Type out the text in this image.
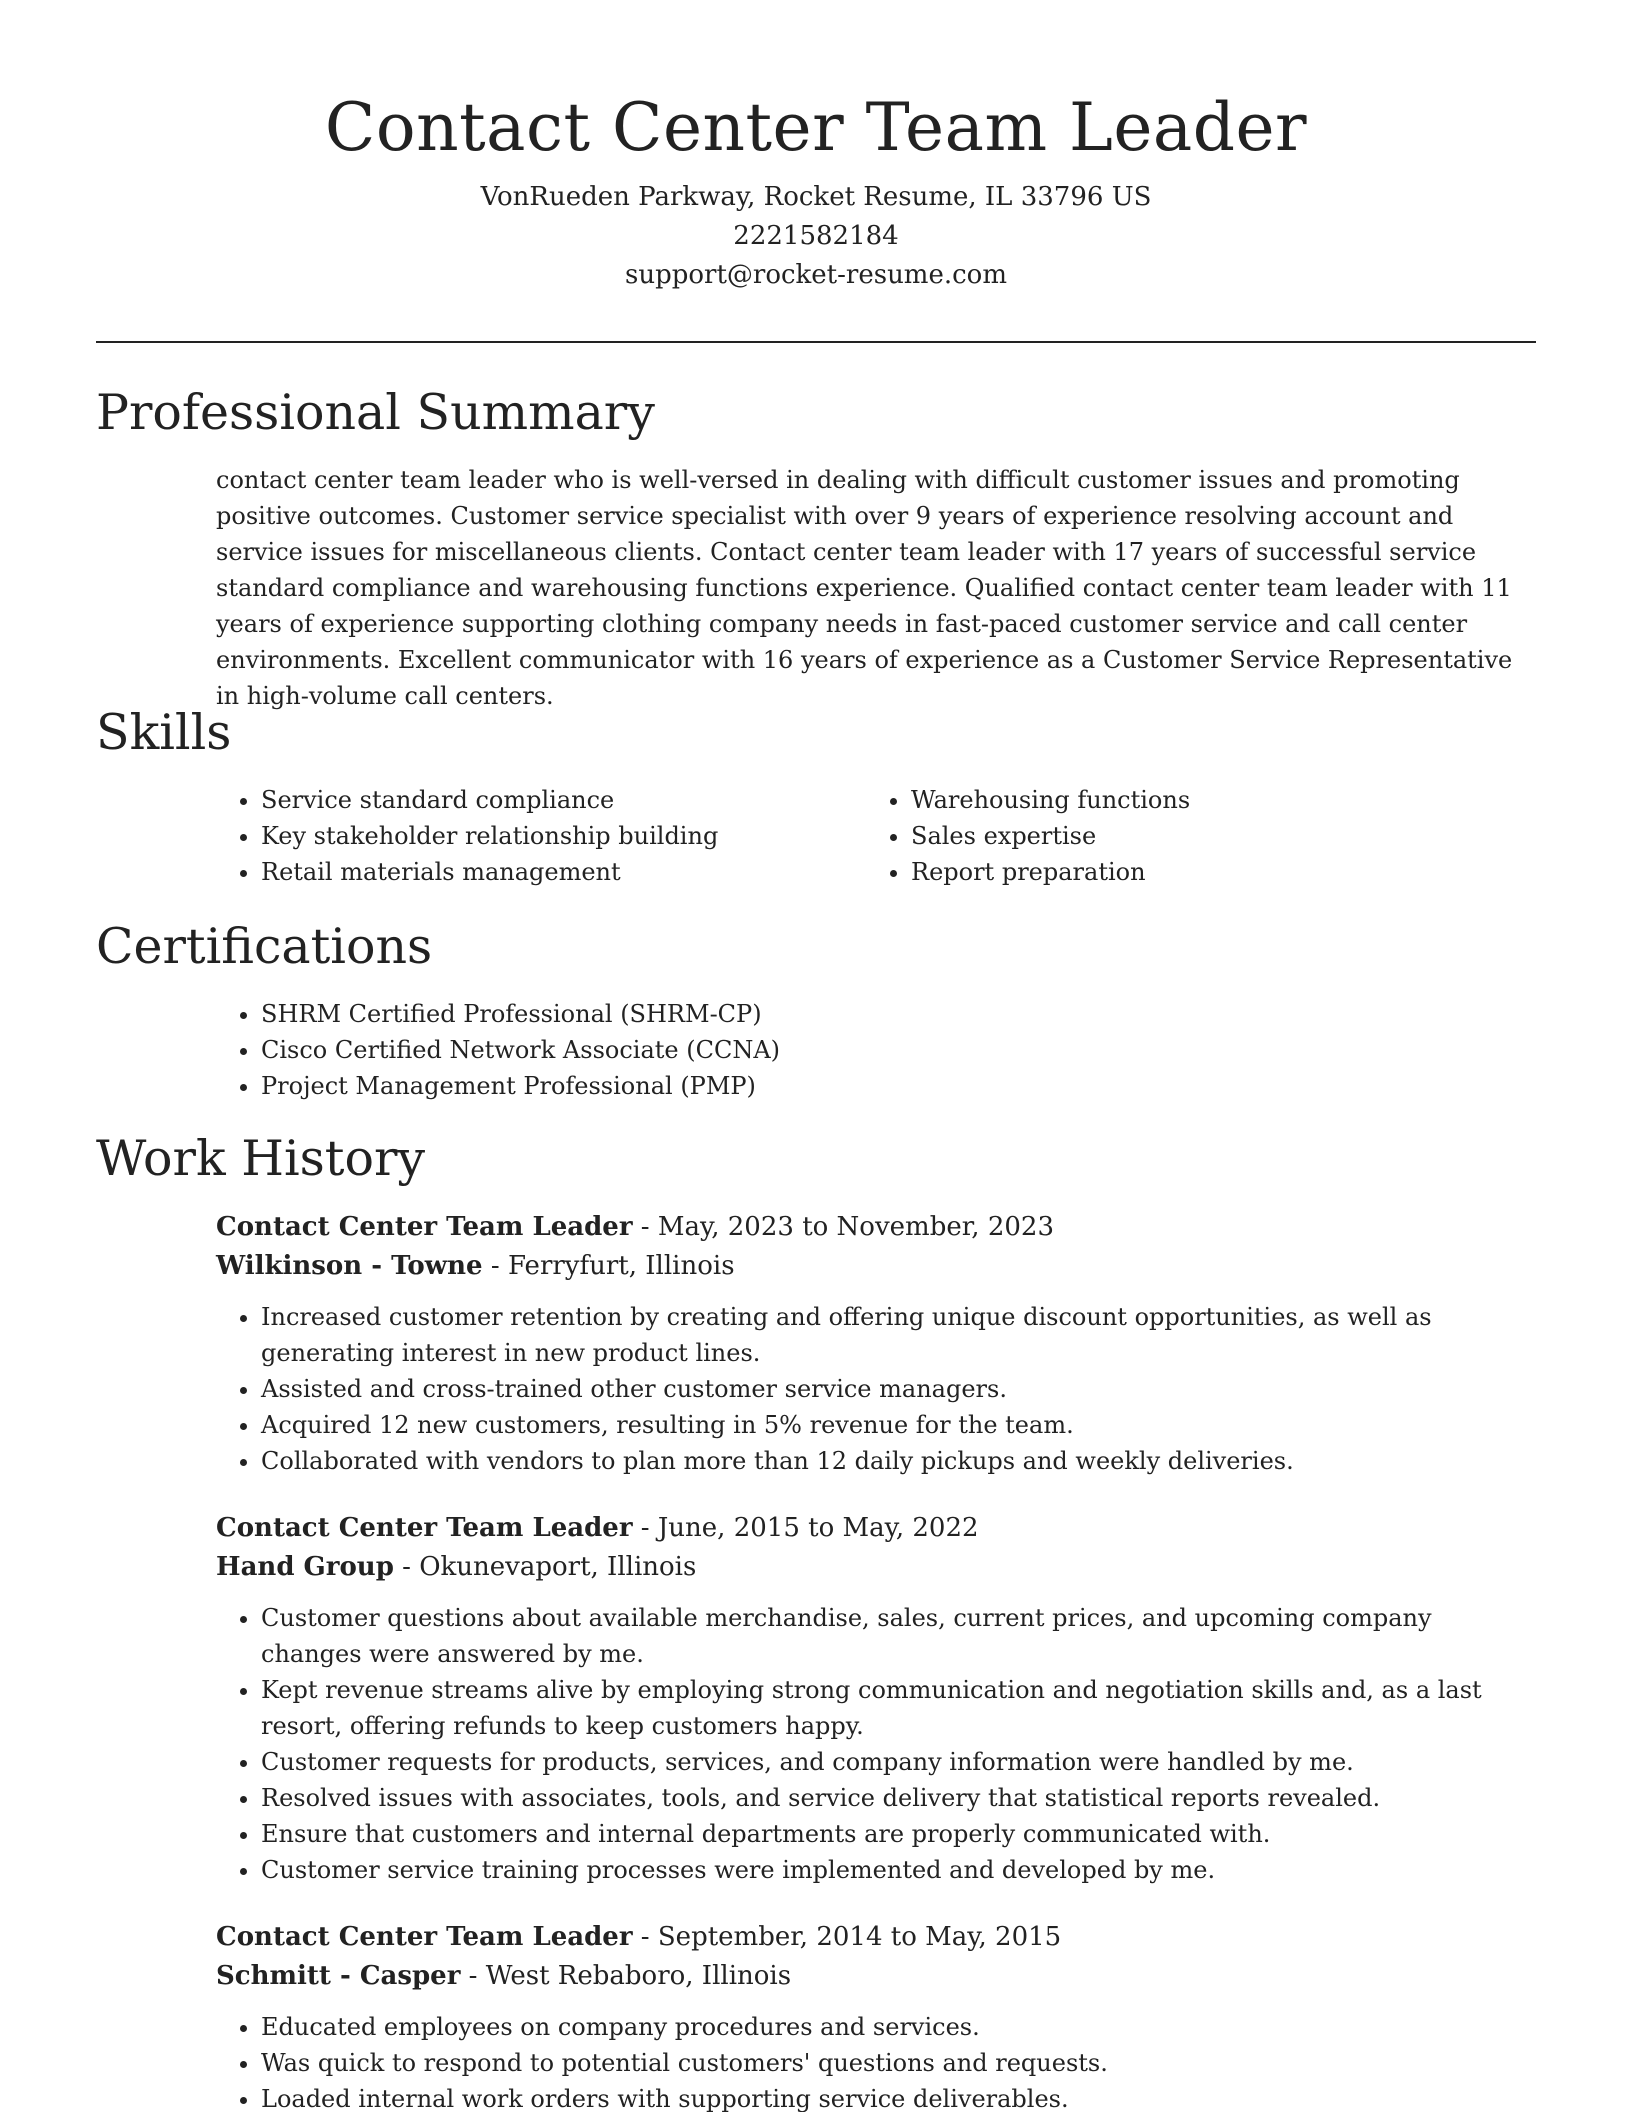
Contact Center Team Leader
VonRueden Parkway, Rocket Resume, IL 33796 US
2221582184
support@rocket-resume.com
Professional Summary

contact center team leader who is well-versed in dealing with difficult customer issues and promoting positive outcomes. Customer service specialist with over 9 years of experience resolving account and service issues for miscellaneous clients. Contact center team leader with 17 years of successful service standard compliance and warehousing functions experience. Qualified contact center team leader with 11 years of experience supporting clothing company needs in fast-paced customer service and call center environments. Excellent communicator with 16 years of experience as a Customer Service Representative in high-volume call centers.

Skills
• Service standard compliance
• Key stakeholder relationship building
• Retail materials management
• Warehousing functions
• Sales expertise
• Report preparation
Certifications
• SHRM Certified Professional (SHRM-CP)
• Cisco Certified Network Associate (CCNA)
• Project Management Professional (PMP)
Work History
Contact Center Team Leader - May, 2023 to November, 2023
Wilkinson - Towne - Ferryfurt, Illinois
• Increased customer retention by creating and offering unique discount opportunities, as well as generating interest in new product lines.
• Assisted and cross-trained other customer service managers.
• Acquired 12 new customers, resulting in 5% revenue for the team.
• Collaborated with vendors to plan more than 12 daily pickups and weekly deliveries.
Contact Center Team Leader - June, 2015 to May, 2022
Hand Group - Okunevaport, Illinois
• Customer questions about available merchandise, sales, current prices, and upcoming company changes were answered by me.
• Kept revenue streams alive by employing strong communication and negotiation skills and, as a last resort, offering refunds to keep customers happy.
• Customer requests for products, services, and company information were handled by me.
• Resolved issues with associates, tools, and service delivery that statistical reports revealed.
• Ensure that customers and internal departments are properly communicated with.
• Customer service training processes were implemented and developed by me.
Contact Center Team Leader - September, 2014 to May, 2015
Schmitt - Casper - West Rebaboro, Illinois
• Educated employees on company procedures and services.
• Was quick to respond to potential customers' questions and requests.
• Loaded internal work orders with supporting service deliverables.
